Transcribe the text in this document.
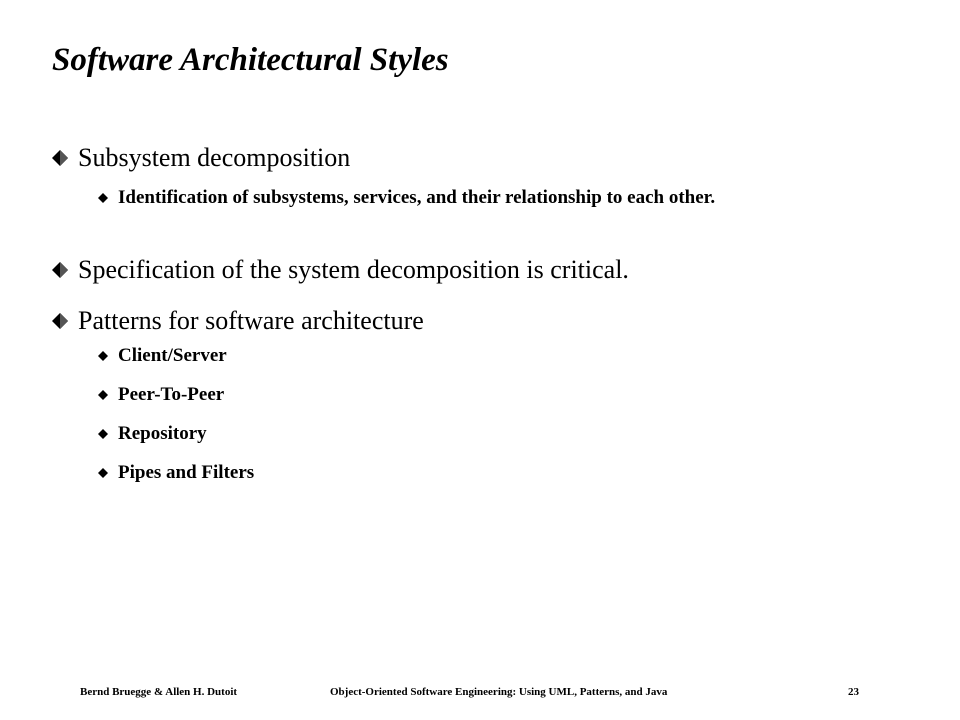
Software Architectural Styles
Subsystem decomposition
Identification of subsystems, services, and their relationship to each other.
Specification of the system decomposition is critical.
Patterns for software architecture
Client/Server
Peer-To-Peer
Repository
Pipes and Filters
Bernd Bruegge & Allen H. Dutoit	Object-Oriented Software Engineering: Using UML, Patterns, and Java	23
